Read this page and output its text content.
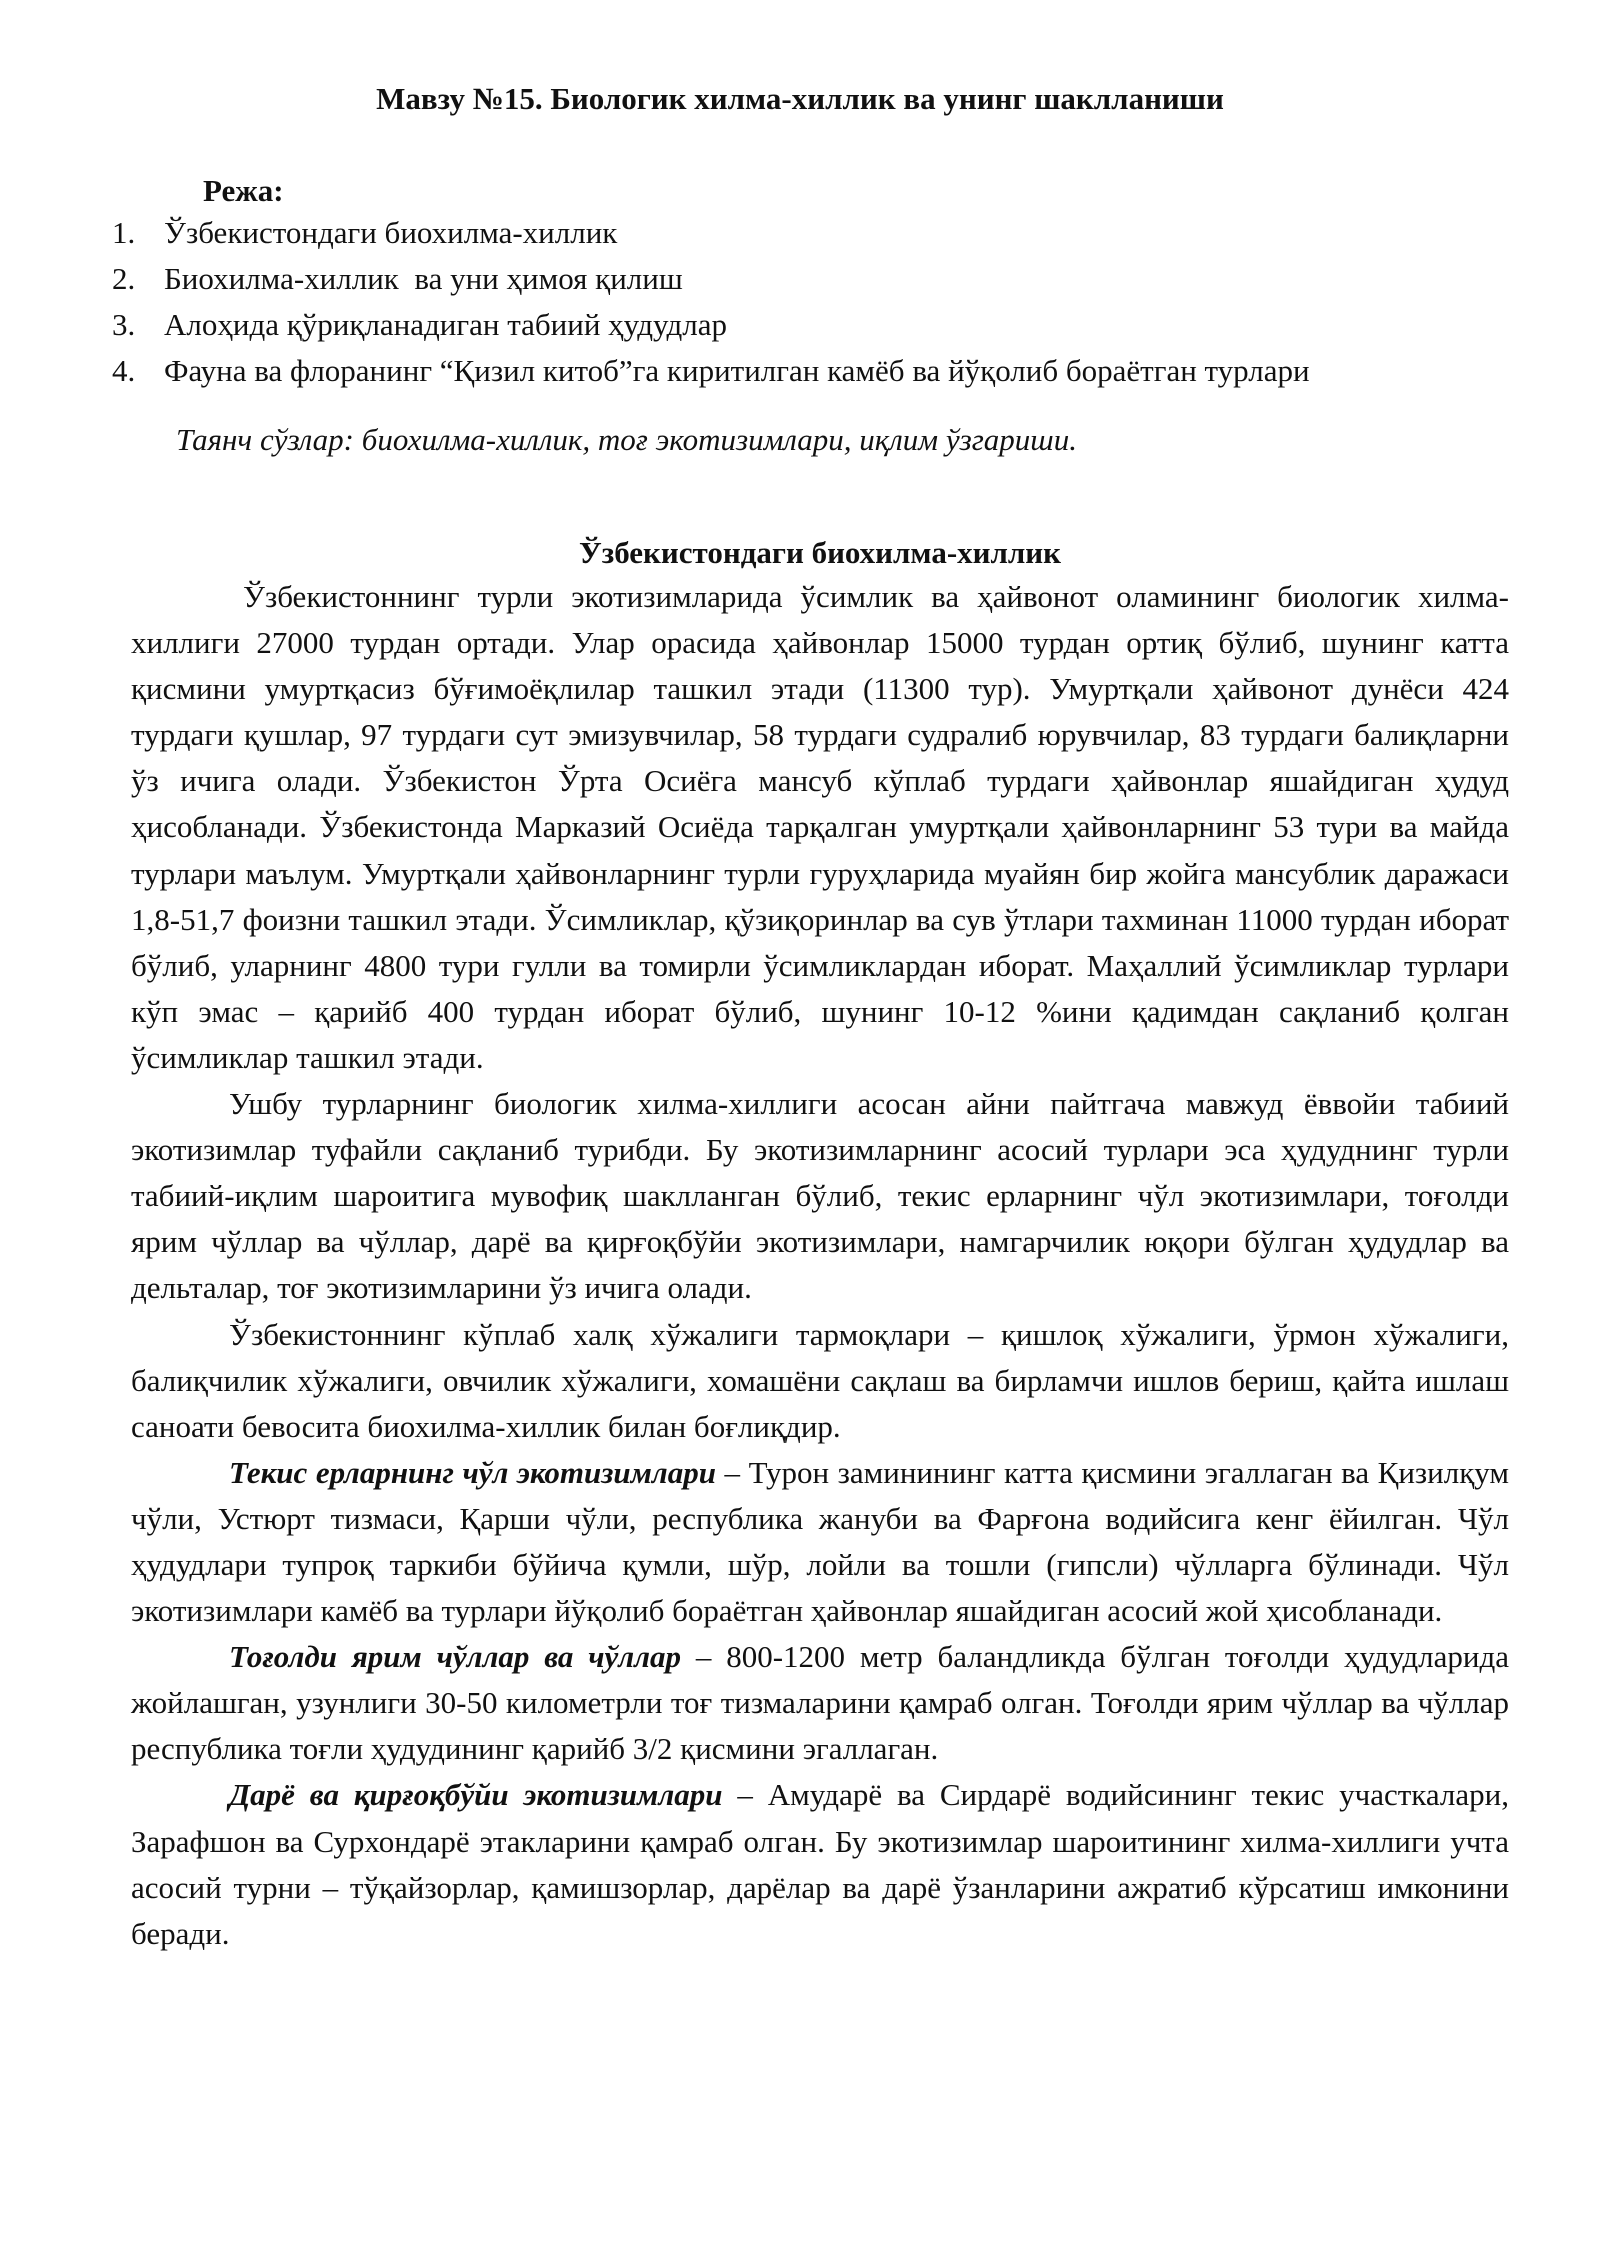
Мавзу №15. Биологик хилма-хиллик ва унинг шаклланиши
Режа:
1. Ўзбекистондаги биохилма-хиллик
2. Биохилма-хиллик  ва уни ҳимоя қилиш
3. Алоҳида қўриқланадиган табиий ҳудудлар
4. Фауна ва флоранинг “Қизил китоб”га киритилган камёб ва йўқолиб бораётган турлари
Таянч сўзлар: биохилма-хиллик, тоғ экотизимлари, иқлим ўзгариши.
Ўзбекистондаги биохилма-хиллик

Ўзбекистоннинг турли экотизимларида ўсимлик ва ҳайвонот оламининг биологик хилма-хиллиги 27000 турдан ортади. Улар орасида ҳайвонлар 15000 турдан ортиқ бўлиб, шунинг катта қисмини умуртқасиз бўғимоёқлилар ташкил этади (11300 тур). Умуртқали ҳайвонот дунёси 424 турдаги қушлар, 97 турдаги сут эмизувчилар, 58 турдаги судралиб юрувчилар, 83 турдаги балиқларни ўз ичига олади. Ўзбекистон Ўрта Осиёга мансуб кўплаб турдаги ҳайвонлар яшайдиган ҳудуд ҳисобланади. Ўзбекистонда Марказий Осиёда тарқалган умуртқали ҳайвонларнинг 53 тури ва майда турлари маълум. Умуртқали ҳайвонларнинг турли гуруҳларида муайян бир жойга мансублик даражаси 1,8-51,7 фоизни ташкил этади. Ўсимликлар, қўзиқоринлар ва сув ўтлари тахминан 11000 турдан иборат бўлиб, уларнинг 4800 тури гулли ва томирли ўсимликлардан иборат. Маҳаллий ўсимликлар турлари кўп эмас – қарийб 400 турдан иборат бўлиб, шунинг 10-12 %ини қадимдан сақланиб қолган ўсимликлар ташкил этади.

Ушбу турларнинг биологик хилма-хиллиги асосан айни пайтгача мавжуд ёввойи табиий экотизимлар туфайли сақланиб турибди. Бу экотизимларнинг асосий турлари эса ҳудуднинг турли табиий-иқлим шароитига мувофиқ шаклланган бўлиб, текис ерларнинг чўл экотизимлари, тоғолди ярим чўллар ва чўллар, дарё ва қирғоқбўйи экотизимлари, намгарчилик юқори бўлган ҳудудлар ва дельталар, тоғ экотизимларини ўз ичига олади.

Ўзбекистоннинг кўплаб халқ хўжалиги тармоқлари – қишлоқ хўжалиги, ўрмон хўжалиги, балиқчилик хўжалиги, овчилик хўжалиги, хомашёни сақлаш ва бирламчи ишлов бериш, қайта ишлаш саноати бевосита биохилма-хиллик билан боғлиқдир.

Текис ерларнинг чўл экотизимлари – Турон заминининг катта қисмини эгаллаган ва Қизилқум чўли, Устюрт тизмаси, Қарши чўли, республика жануби ва Фарғона водийсига кенг ёйилган. Чўл ҳудудлари тупроқ таркиби бўйича қумли, шўр, лойли ва тошли (гипсли) чўлларга бўлинади. Чўл экотизимлари камёб ва турлари йўқолиб бораётган ҳайвонлар яшайдиган асосий жой ҳисобланади.

Тоғолди ярим чўллар ва чўллар – 800-1200 метр баландликда бўлган тоғолди ҳудудларида жойлашган, узунлиги 30-50 километрли тоғ тизмаларини қамраб олган. Тоғолди ярим чўллар ва чўллар республика тоғли ҳудудининг қарийб 3/2 қисмини эгаллаган.

Дарё ва қирғоқбўйи экотизимлари – Амударё ва Сирдарё водийсининг текис участкалари, Зарафшон ва Сурхондарё этакларини қамраб олган. Бу экотизимлар шароитининг хилма-хиллиги учта асосий турни – тўқайзорлар, қамишзорлар, дарёлар ва дарё ўзанларини ажратиб кўрсатиш имконини беради.
